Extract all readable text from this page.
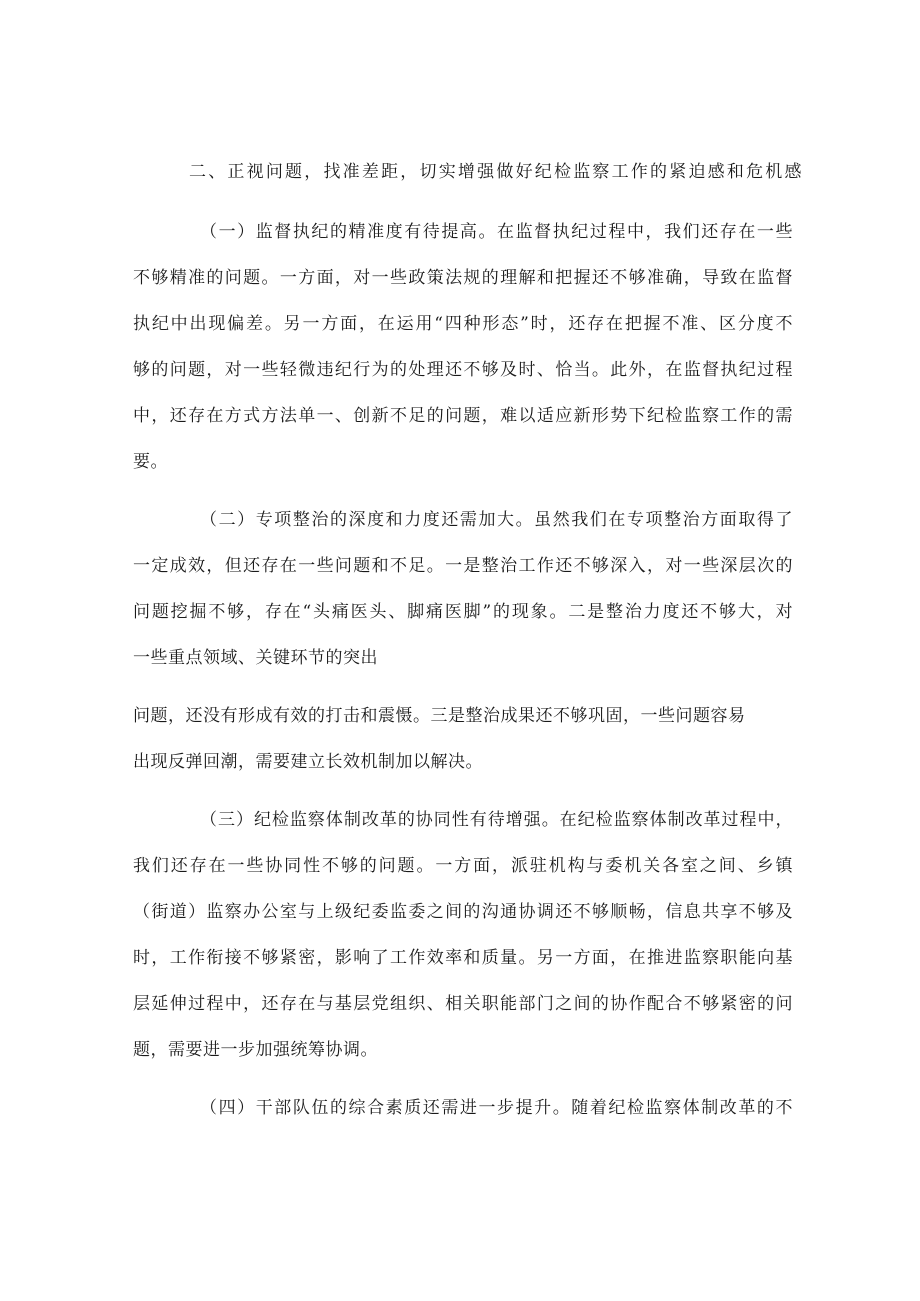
二、正视问题，找准差距，切实增强做好纪检监察工作的紧迫感和危机感
（一）监督执纪的精准度有待提高。在监督执纪过程中，我们还存在一些
不够精准的问题。一方面，对一些政策法规的理解和把握还不够准确，导致在监督
执纪中出现偏差。另一方面，在运用“四种形态”时，还存在把握不准、区分度不
够的问题，对一些轻微违纪行为的处理还不够及时、恰当。此外，在监督执纪过程
中，还存在方式方法单一、创新不足的问题，难以适应新形势下纪检监察工作的需
要。
（二）专项整治的深度和力度还需加大。虽然我们在专项整治方面取得了
一定成效，但还存在一些问题和不足。一是整治工作还不够深入，对一些深层次的
问题挖掘不够，存在“头痛医头、脚痛医脚”的现象。二是整治力度还不够大，对
一些重点领域、关键环节的突出
问题，还没有形成有效的打击和震慑。三是整治成果还不够巩固，一些问题容易
出现反弹回潮，需要建立长效机制加以解决。
（三）纪检监察体制改革的协同性有待增强。在纪检监察体制改革过程中，
我们还存在一些协同性不够的问题。一方面，派驻机构与委机关各室之间、乡镇
（街道）监察办公室与上级纪委监委之间的沟通协调还不够顺畅，信息共享不够及
时，工作衔接不够紧密，影响了工作效率和质量。另一方面，在推进监察职能向基
层延伸过程中，还存在与基层党组织、相关职能部门之间的协作配合不够紧密的问
题，需要进一步加强统筹协调。
（四）干部队伍的综合素质还需进一步提升。随着纪检监察体制改革的不
